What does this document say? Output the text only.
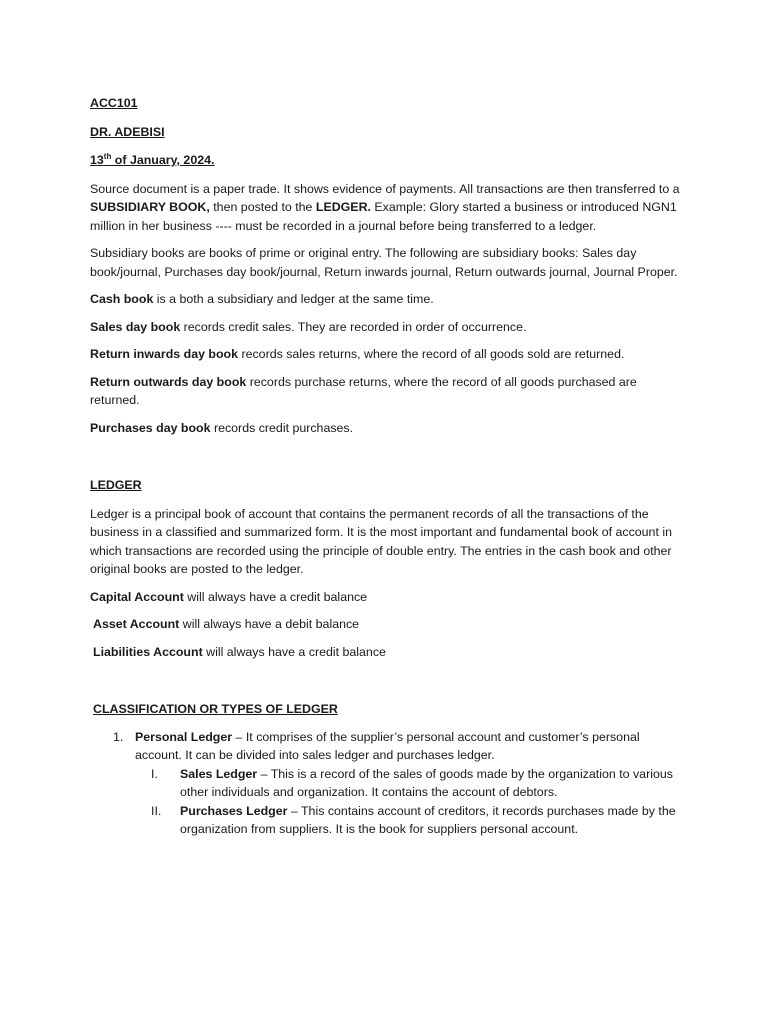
ACC101

DR. ADEBISI

13th of January, 2024.

Source document is a paper trade. It shows evidence of payments. All transactions are then transferred to a SUBSIDIARY BOOK, then posted to the LEDGER. Example: Glory started a business or introduced NGN1 million in her business ---- must be recorded in a journal before being transferred to a ledger.

Subsidiary books are books of prime or original entry. The following are subsidiary books: Sales day book/journal, Purchases day book/journal, Return inwards journal, Return outwards journal, Journal Proper.

Cash book is a both a subsidiary and ledger at the same time.

Sales day book records credit sales. They are recorded in order of occurrence.

Return inwards day book records sales returns, where the record of all goods sold are returned.

Return outwards day book records purchase returns, where the record of all goods purchased are returned.

Purchases day book records credit purchases.

LEDGER

Ledger is a principal book of account that contains the permanent records of all the transactions of the business in a classified and summarized form. It is the most important and fundamental book of account in which transactions are recorded using the principle of double entry. The entries in the cash book and other original books are posted to the ledger.

Capital Account will always have a credit balance

Asset Account will always have a debit balance

Liabilities Account will always have a credit balance

CLASSIFICATION OR TYPES OF LEDGER

1. Personal Ledger – It comprises of the supplier’s personal account and customer’s personal account. It can be divided into sales ledger and purchases ledger.
I. Sales Ledger – This is a record of the sales of goods made by the organization to various other individuals and organization. It contains the account of debtors.
II. Purchases Ledger – This contains account of creditors, it records purchases made by the organization from suppliers. It is the book for suppliers personal account.
